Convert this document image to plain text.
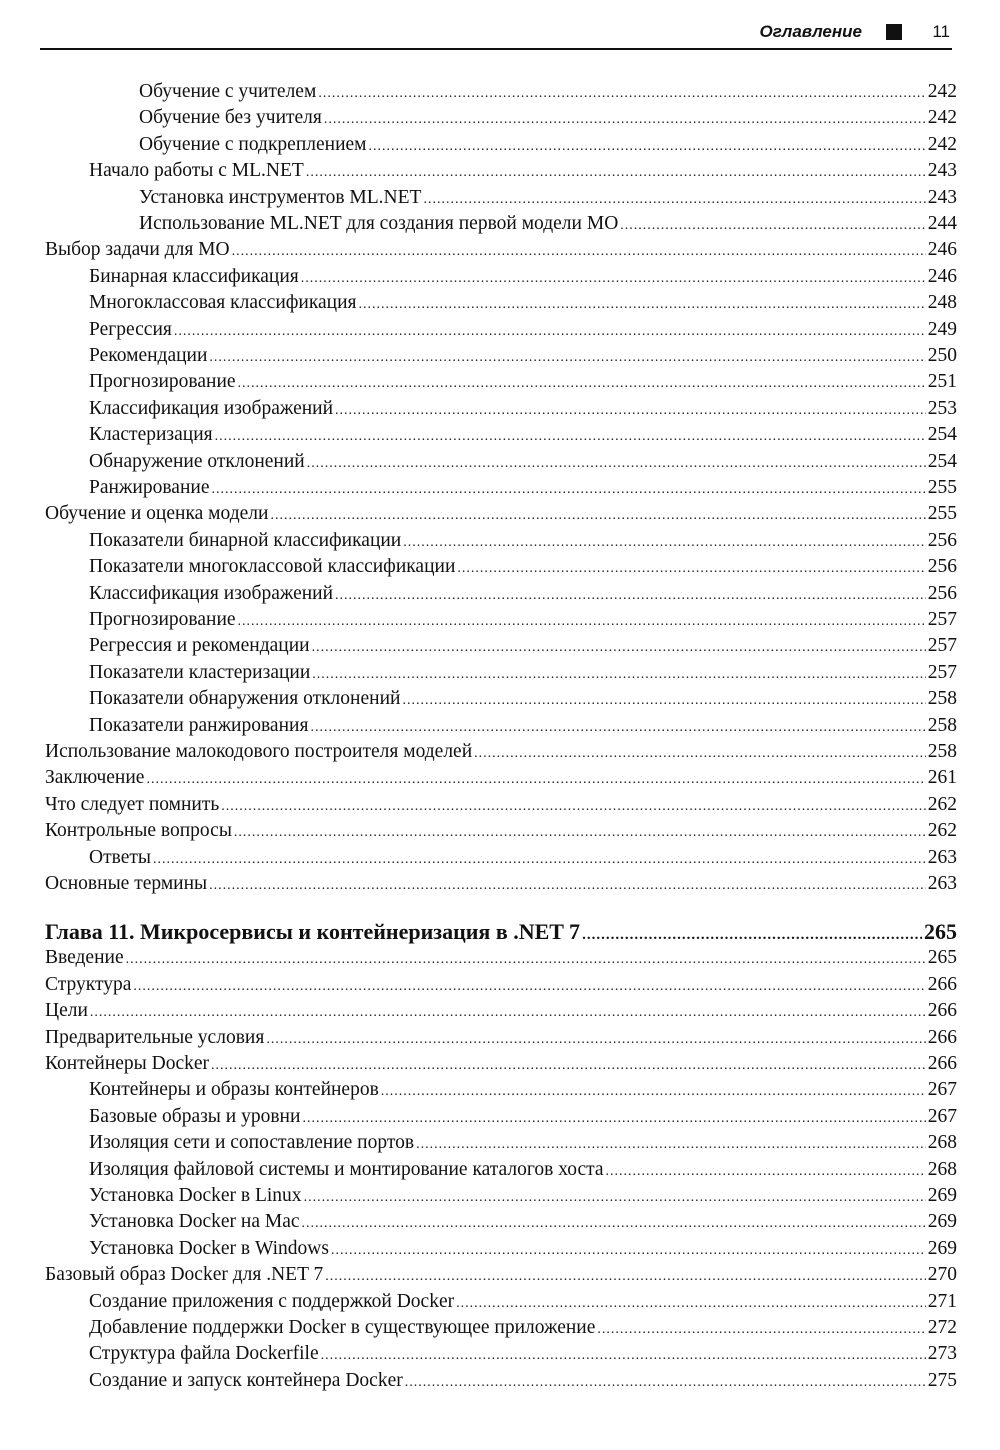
Оглавление	11
Обучение с учителем .....	242
Обучение без учителя .....	242
Обучение с подкреплением .....	242
Начало работы с ML.NET .....	243
Установка инструментов ML.NET .....	243
Использование ML.NET для создания первой модели МО .....	244
Выбор задачи для МО .....	246
Бинарная классификация .....	246
Многоклассовая классификация .....	248
Регрессия .....	249
Рекомендации .....	250
Прогнозирование .....	251
Классификация изображений .....	253
Кластеризация .....	254
Обнаружение отклонений .....	254
Ранжирование .....	255
Обучение и оценка модели .....	255
Показатели бинарной классификации .....	256
Показатели многоклассовой классификации .....	256
Классификация изображений .....	256
Прогнозирование .....	257
Регрессия и рекомендации .....	257
Показатели кластеризации .....	257
Показатели обнаружения отклонений .....	258
Показатели ранжирования .....	258
Использование малокодового построителя моделей .....	258
Заключение .....	261
Что следует помнить .....	262
Контрольные вопросы .....	262
Ответы .....	263
Основные термины .....	263
Глава 11. Микросервисы и контейнеризация в .NET 7 .....	265
Введение .....	265
Структура .....	266
Цели .....	266
Предварительные условия .....	266
Контейнеры Docker .....	266
Контейнеры и образы контейнеров .....	267
Базовые образы и уровни .....	267
Изоляция сети и сопоставление портов .....	268
Изоляция файловой системы и монтирование каталогов хоста .....	268
Установка Docker в Linux .....	269
Установка Docker на Mac .....	269
Установка Docker в Windows .....	269
Базовый образ Docker для .NET 7 .....	270
Создание приложения с поддержкой Docker .....	271
Добавление поддержки Docker в существующее приложение .....	272
Структура файла Dockerfile .....	273
Создание и запуск контейнера Docker .....	275
